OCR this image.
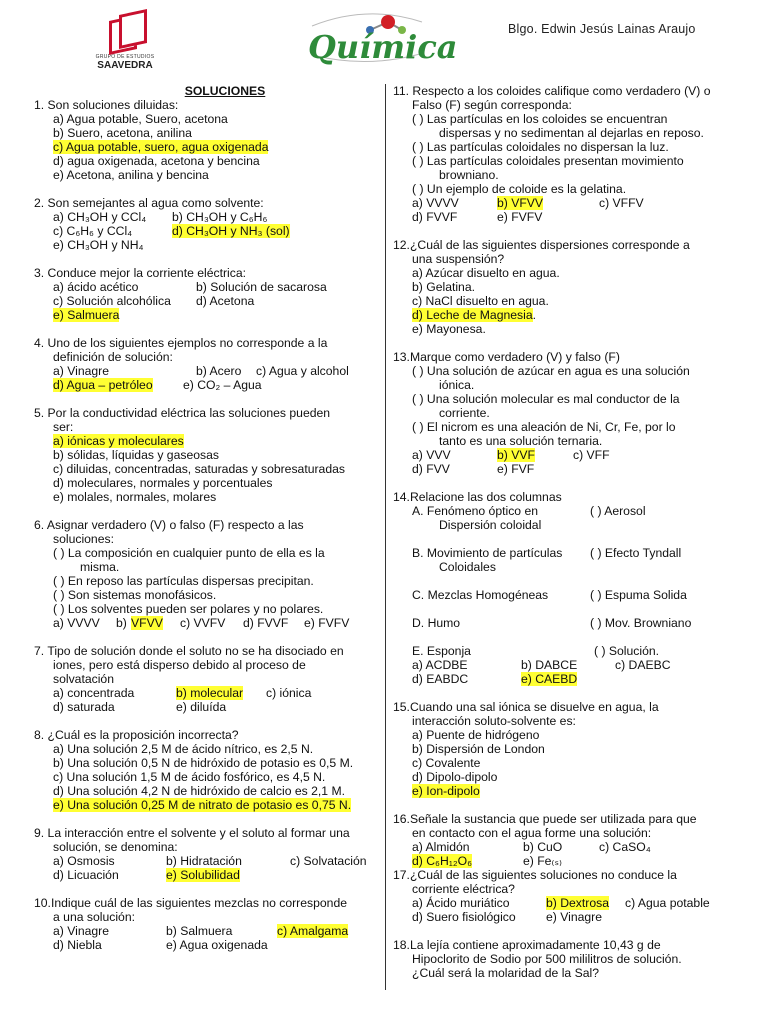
GRUPO DE ESTUDIOS
SAAVEDRA	Química	Blgo. Edwin Jesús Lainas Araujo
SOLUCIONES
1. Son soluciones diluidas:
a) Agua potable, Suero, acetona
b) Suero, acetona, anilina
c) Agua potable, suero, agua oxigenada
d) agua oxigenada, acetona y bencina
e) Acetona, anilina y bencina
2. Son semejantes al agua como solvente:
a) CH₃OH y CCl₄ b) CH₃OH y C₆H₆
c) C₆H₆ y CCl₄	d) CH₃OH y NH₃ (sol)
e) CH₃OH y NH₄
3. Conduce mejor la corriente eléctrica:
a) ácido acético	b) Solución de sacarosa
c) Solución alcohólica d) Acetona
e) Salmuera
4. Uno de los siguientes ejemplos no corresponde a la
definición de solución:
a) Vinagre	b) Acero c) Agua y alcohol
d) Agua – petróleo e) CO₂ – Agua
5. Por la conductividad eléctrica las soluciones pueden
ser:
a) iónicas y moleculares
b) sólidas, líquidas y gaseosas
c) diluidas, concentradas, saturadas y sobresaturadas
d) moleculares, normales y porcentuales
e) molales, normales, molares
6. Asignar verdadero (V) o falso (F) respecto a las
soluciones:
( ) La composición en cualquier punto de ella es la
misma.
( ) En reposo las partículas dispersas precipitan.
( ) Son sistemas monofásicos.
( ) Los solventes pueden ser polares y no polares.
a) VVVV b) VFVV c) VVFV d) FVVF e) FVFV
7. Tipo de solución donde el soluto no se ha disociado en
iones, pero está disperso debido al proceso de
solvatación
a) concentrada	b) molecular c) iónica
d) saturada	e) diluída
8. ¿Cuál es la proposición incorrecta?
a) Una solución 2,5 M de ácido nítrico, es 2,5 N.
b) Una solución 0,5 N de hidróxido de potasio es 0,5 M.
c) Una solución 1,5 M de ácido fosfórico, es 4,5 N.
d) Una solución 4,2 N de hidróxido de calcio es 2,1 M.
e) Una solución 0,25 M de nitrato de potasio es 0,75 N.
9. La interacción entre el solvente y el soluto al formar una
solución, se denomina:
a) Osmosis	b) Hidratación	c) Solvatación
d) Licuación	e) Solubilidad
10.Indique cuál de las siguientes mezclas no corresponde
a una solución:
a) Vinagre	b) Salmuera	c) Amalgama
d) Niebla	e) Agua oxigenada
11. Respecto a los coloides califique como verdadero (V) o
Falso (F) según corresponda:
( ) Las partículas en los coloides se encuentran
dispersas y no sedimentan al dejarlas en reposo.
( ) Las partículas coloidales no dispersan la luz.
( ) Las partículas coloidales presentan movimiento
browniano.
( ) Un ejemplo de coloide es la gelatina.
a) VVVV	b) VFVV	c) VFFV
d) FVVF	e) FVFV
12.¿Cuál de las siguientes dispersiones corresponde a
una suspensión?
a) Azúcar disuelto en agua.
b) Gelatina.
c) NaCl disuelto en agua.
d) Leche de Magnesia.
e) Mayonesa.
13.Marque como verdadero (V) y falso (F)
( ) Una solución de azúcar en agua es una solución
iónica.
( ) Una solución molecular es mal conductor de la
corriente.
( ) El nicrom es una aleación de Ni, Cr, Fe, por lo
tanto es una solución ternaria.
a) VVV	b) VVF	c) VFF
d) FVV	e) FVF
14.Relacione las dos columnas
A. Fenómeno óptico en	( ) Aerosol
Dispersión coloidal
B. Movimiento de partículas ( ) Efecto Tyndall
Coloidales
C. Mezclas Homogéneas	( ) Espuma Solida
D. Humo	( ) Mov. Browniano
E. Esponja	( ) Solución.
a) ACDBE	b) DABCE	c) DAEBC
d) EABDC	e) CAEBD
15.Cuando una sal iónica se disuelve en agua, la
interacción soluto-solvente es:
a) Puente de hidrógeno
b) Dispersión de London
c) Covalente
d) Dipolo-dipolo
e) Ion-dipolo
16.Señale la sustancia que puede ser utilizada para que
en contacto con el agua forme una solución:
a) Almidón	b) CuO	c) CaSO₄
d) C₆H₁₂O₆	e) Fe₍ₛ₎
17.¿Cuál de las siguientes soluciones no conduce la
corriente eléctrica?
a) Ácido muriático	b) Dextrosa c) Agua potable
d) Suero fisiológico e) Vinagre
18.La lejía contiene aproximadamente 10,43 g de
Hipoclorito de Sodio por 500 mililitros de solución.
¿Cuál será la molaridad de la Sal?
